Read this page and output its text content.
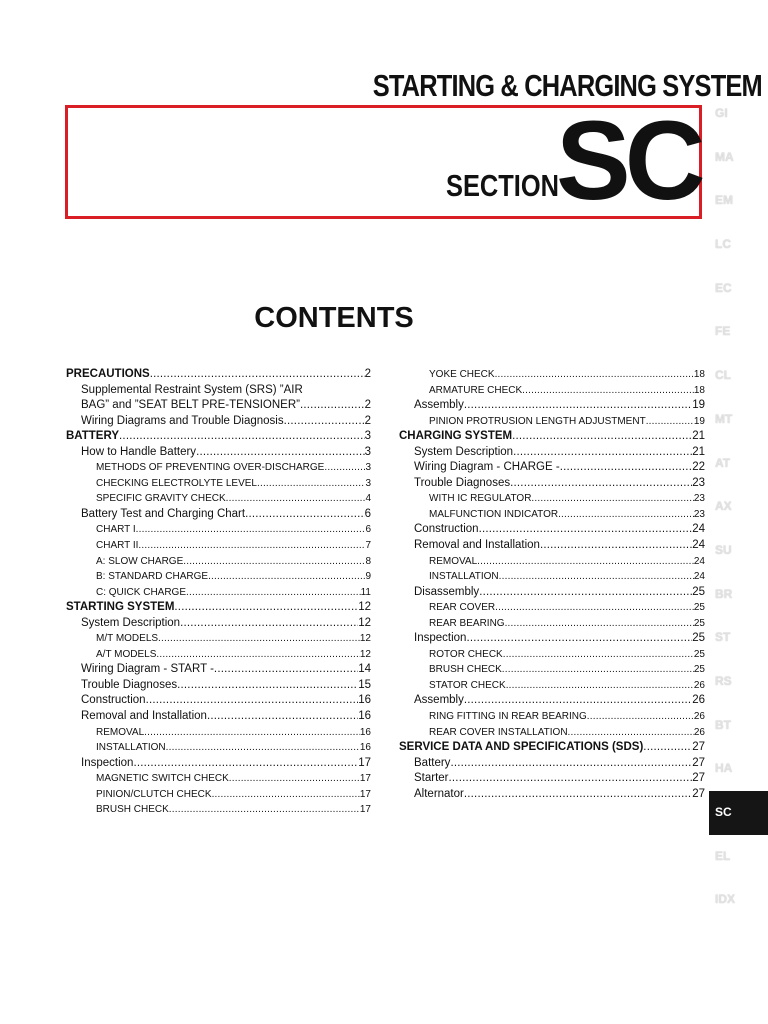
STARTING & CHARGING SYSTEM
SECTION
SC
CONTENTS
PRECAUTIONS .....	2
Supplemental Restraint System (SRS) ”AIR
BAG” and ”SEAT BELT PRE-TENSIONER” .....	2
Wiring Diagrams and Trouble Diagnosis .....	2
BATTERY .....	3
How to Handle Battery .....	3
METHODS OF PREVENTING OVER-DISCHARGE .....	3
CHECKING ELECTROLYTE LEVEL .....	3
SPECIFIC GRAVITY CHECK .....	4
Battery Test and Charging Chart .....	6
CHART I .....	6
CHART II .....	7
A: SLOW CHARGE .....	8
B: STANDARD CHARGE .....	9
C: QUICK CHARGE .....	11
STARTING SYSTEM .....	12
System Description .....	12
M/T MODELS .....	12
A/T MODELS .....	12
Wiring Diagram - START - .....	14
Trouble Diagnoses .....	15
Construction .....	16
Removal and Installation .....	16
REMOVAL .....	16
INSTALLATION .....	16
Inspection .....	17
MAGNETIC SWITCH CHECK .....	17
PINION/CLUTCH CHECK .....	17
BRUSH CHECK .....	17
YOKE CHECK .....	18
ARMATURE CHECK .....	18
Assembly .....	19
PINION PROTRUSION LENGTH ADJUSTMENT .....	19
CHARGING SYSTEM .....	21
System Description .....	21
Wiring Diagram - CHARGE - .....	22
Trouble Diagnoses .....	23
WITH IC REGULATOR .....	23
MALFUNCTION INDICATOR .....	23
Construction .....	24
Removal and Installation .....	24
REMOVAL .....	24
INSTALLATION .....	24
Disassembly .....	25
REAR COVER .....	25
REAR BEARING .....	25
Inspection .....	25
ROTOR CHECK .....	25
BRUSH CHECK .....	25
STATOR CHECK .....	26
Assembly .....	26
RING FITTING IN REAR BEARING .....	26
REAR COVER INSTALLATION .....	26
SERVICE DATA AND SPECIFICATIONS (SDS) .....	27
Battery .....	27
Starter .....	27
Alternator .....	27
GI
MA
EM
LC
EC
FE
CL
MT
AT
AX
SU
BR
ST
RS
BT
HA
SC
EL
IDX
